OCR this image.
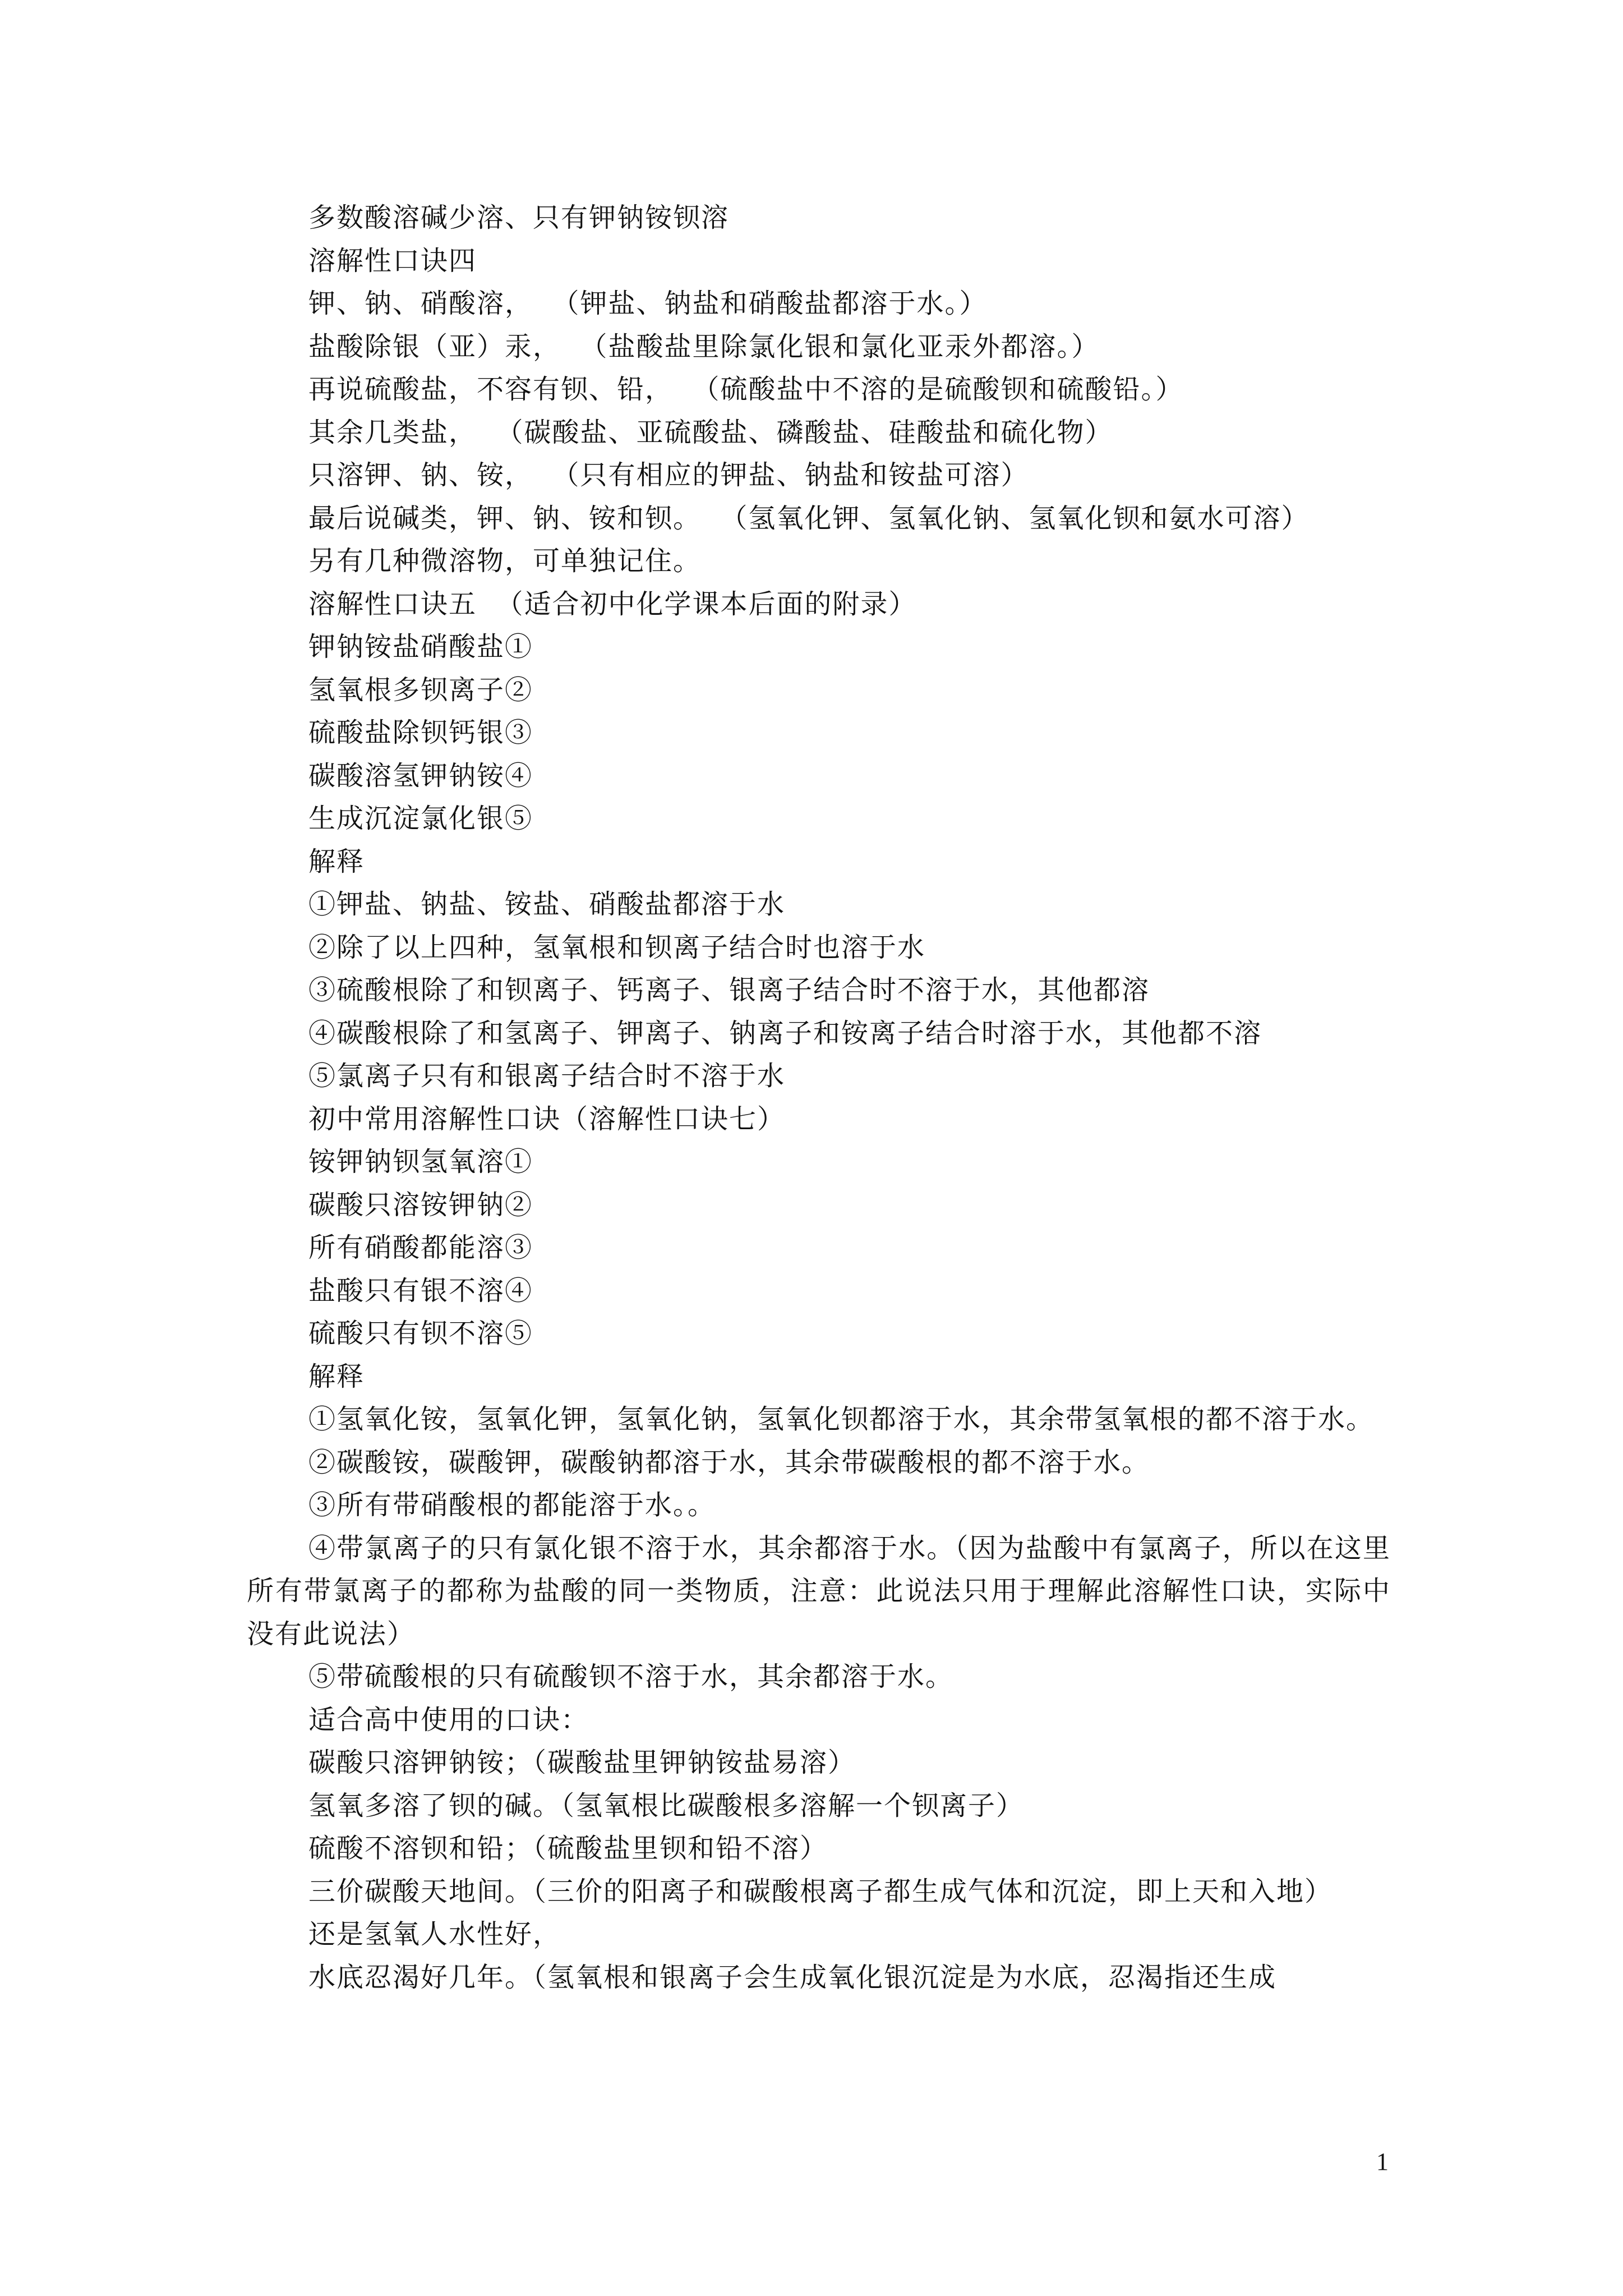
多数酸溶碱少溶、只有钾钠铵钡溶
溶解性口诀四
钾、钠、硝酸溶，  （钾盐、钠盐和硝酸盐都溶于水。）
盐酸除银（亚）汞，  （盐酸盐里除氯化银和氯化亚汞外都溶。）
再说硫酸盐，不容有钡、铅，  （硫酸盐中不溶的是硫酸钡和硫酸铅。）
其余几类盐，  （碳酸盐、亚硫酸盐、磷酸盐、硅酸盐和硫化物）
只溶钾、钠、铵，  （只有相应的钾盐、钠盐和铵盐可溶）
最后说碱类，钾、钠、铵和钡。  （氢氧化钾、氢氧化钠、氢氧化钡和氨水可溶）
另有几种微溶物，可单独记住。
溶解性口诀五  （适合初中化学课本后面的附录）
钾钠铵盐硝酸盐①
氢氧根多钡离子②
硫酸盐除钡钙银③
碳酸溶氢钾钠铵④
生成沉淀氯化银⑤
解释
①钾盐、钠盐、铵盐、硝酸盐都溶于水
②除了以上四种，氢氧根和钡离子结合时也溶于水
③硫酸根除了和钡离子、钙离子、银离子结合时不溶于水，其他都溶
④碳酸根除了和氢离子、钾离子、钠离子和铵离子结合时溶于水，其他都不溶
⑤氯离子只有和银离子结合时不溶于水
初中常用溶解性口诀（溶解性口诀七）
铵钾钠钡氢氧溶①
碳酸只溶铵钾钠②
所有硝酸都能溶③
盐酸只有银不溶④
硫酸只有钡不溶⑤
解释
①氢氧化铵，氢氧化钾，氢氧化钠，氢氧化钡都溶于水，其余带氢氧根的都不溶于水。
②碳酸铵，碳酸钾，碳酸钠都溶于水，其余带碳酸根的都不溶于水。
③所有带硝酸根的都能溶于水。。
④带氯离子的只有氯化银不溶于水，其余都溶于水。（因为盐酸中有氯离子，所以在这里所有带氯离子的都称为盐酸的同一类物质，注意：此说法只用于理解此溶解性口诀，实际中没有此说法）
⑤带硫酸根的只有硫酸钡不溶于水，其余都溶于水。
适合高中使用的口诀：
碳酸只溶钾钠铵；（碳酸盐里钾钠铵盐易溶）
氢氧多溶了钡的碱。（氢氧根比碳酸根多溶解一个钡离子）
硫酸不溶钡和铅；（硫酸盐里钡和铅不溶）
三价碳酸天地间。（三价的阳离子和碳酸根离子都生成气体和沉淀，即上天和入地）
还是氢氧人水性好，
水底忍渴好几年。（氢氧根和银离子会生成氧化银沉淀是为水底，忍渴指还生成
1
